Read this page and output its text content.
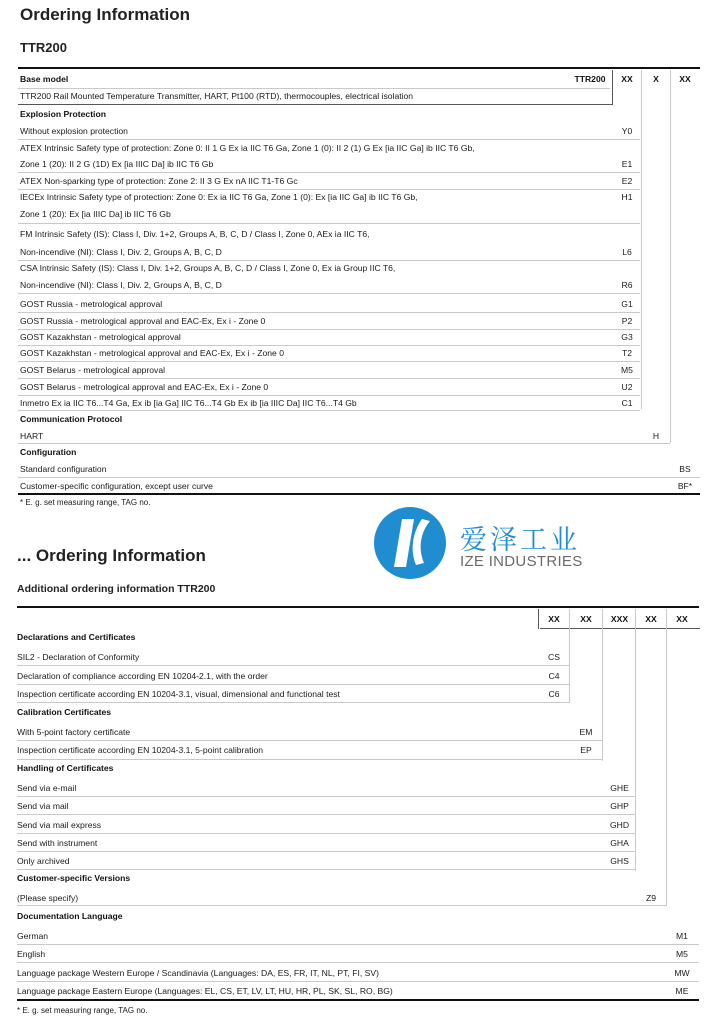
Ordering Information
TTR200
Base model	TTR200	XX	X	XX
TTR200 Rail Mounted Temperature Transmitter, HART, Pt100 (RTD), thermocouples, electrical isolation
Explosion Protection
Without explosion protection	Y0
ATEX Intrinsic Safety type of protection: Zone 0: II 1 G Ex ia IIC T6 Ga, Zone 1 (0): II 2 (1) G Ex [ia IIC Ga] ib IIC T6 Gb,
Zone 1 (20): II 2 G (1D) Ex [ia IIIC Da] ib IIC T6 Gb	E1
ATEX Non-sparking type of protection: Zone 2: II 3 G Ex nA IIC T1-T6 Gc	E2
IECEx Intrinsic Safety type of protection: Zone 0: Ex ia IIC T6 Ga, Zone 1 (0): Ex [ia IIC Ga] ib IIC T6 Gb,	H1
Zone 1 (20): Ex [ia IIIC Da] ib IIC T6 Gb
FM Intrinsic Safety (IS): Class I, Div. 1+2, Groups A, B, C, D / Class I, Zone 0, AEx ia IIC T6,
Non-incendive (NI): Class I, Div. 2, Groups A, B, C, D	L6
CSA Intrinsic Safety (IS): Class I, Div. 1+2, Groups A, B, C, D / Class I, Zone 0, Ex ia Group IIC T6,
Non-incendive (NI): Class I, Div. 2, Groups A, B, C, D	R6
GOST Russia - metrological approval	G1
GOST Russia - metrological approval and EAC-Ex, Ex i - Zone 0	P2
GOST Kazakhstan - metrological approval	G3
GOST Kazakhstan - metrological approval and EAC-Ex, Ex i - Zone 0	T2
GOST Belarus - metrological approval	M5
GOST Belarus - metrological approval and EAC-Ex, Ex i - Zone 0	U2
Inmetro Ex ia IIC T6...T4 Ga, Ex ib [ia Ga] IIC T6...T4 Gb Ex ib [ia IIIC Da] IIC T6...T4 Gb	C1
Communication Protocol
HART	H
Configuration
Standard configuration	BS
Customer-specific configuration, except user curve	BF*
* E. g. set measuring range, TAG no.
爱泽工业
IZE INDUSTRIES
... Ordering Information
Additional ordering information TTR200
XX	XX	XXX	XX	XX
Declarations and Certificates
SIL2 - Declaration of Conformity	CS
Declaration of compliance according EN 10204-2.1, with the order	C4
Inspection certificate according EN 10204-3.1, visual, dimensional and functional test	C6
Calibration Certificates
With 5-point factory certificate	EM
Inspection certificate according EN 10204-3.1, 5-point calibration	EP
Handling of Certificates
Send via e-mail	GHE
Send via mail	GHP
Send via mail express	GHD
Send with instrument	GHA
Only archived	GHS
Customer-specific Versions
(Please specify)	Z9
Documentation Language
German	M1
English	M5
Language package Western Europe / Scandinavia (Languages: DA, ES, FR, IT, NL, PT, FI, SV)	MW
Language package Eastern Europe (Languages: EL, CS, ET, LV, LT, HU, HR, PL, SK, SL, RO, BG)	ME
* E. g. set measuring range, TAG no.
